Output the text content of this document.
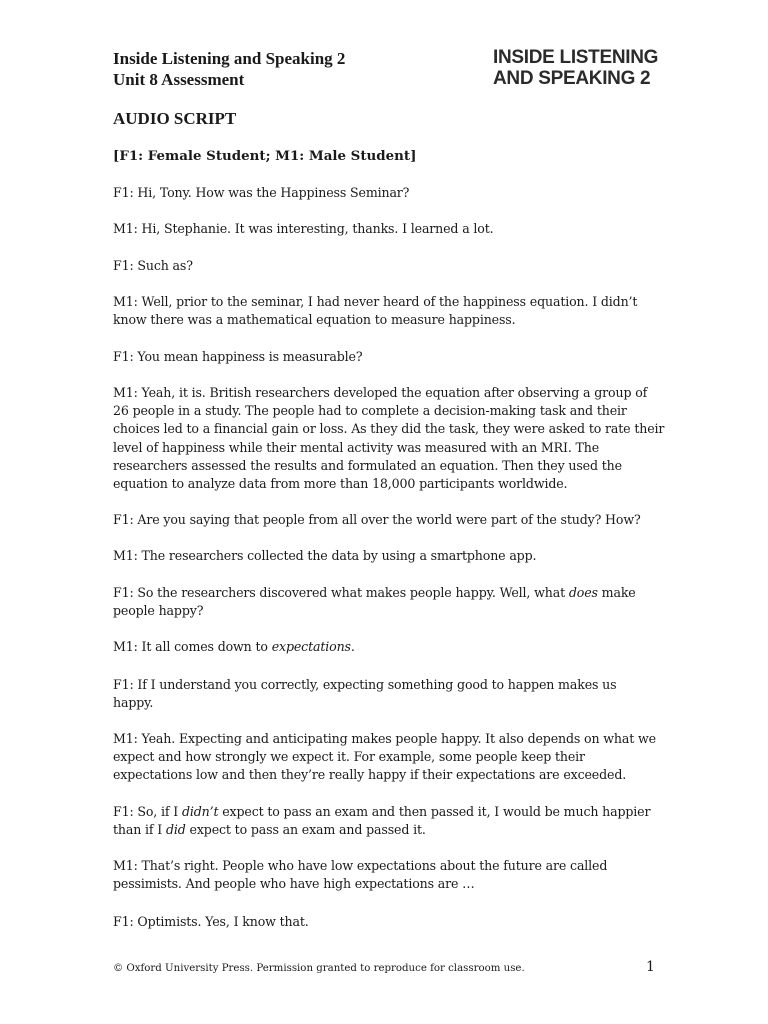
Inside Listening and Speaking 2
Unit 8 Assessment
INSIDE LISTENING
AND SPEAKING 2
AUDIO SCRIPT
[F1: Female Student; M1: Male Student]
F1: Hi, Tony. How was the Happiness Seminar?
M1: Hi, Stephanie. It was interesting, thanks. I learned a lot.
F1: Such as?
M1: Well, prior to the seminar, I had never heard of the happiness equation. I didn’t
know there was a mathematical equation to measure happiness.
F1: You mean happiness is measurable?
M1: Yeah, it is. British researchers developed the equation after observing a group of
26 people in a study. The people had to complete a decision-making task and their
choices led to a financial gain or loss. As they did the task, they were asked to rate their
level of happiness while their mental activity was measured with an MRI. The
researchers assessed the results and formulated an equation. Then they used the
equation to analyze data from more than 18,000 participants worldwide.
F1: Are you saying that people from all over the world were part of the study? How?
M1: The researchers collected the data by using a smartphone app.
F1: So the researchers discovered what makes people happy. Well, what does make
people happy?
M1: It all comes down to expectations.
F1: If I understand you correctly, expecting something good to happen makes us
happy.
M1: Yeah. Expecting and anticipating makes people happy. It also depends on what we
expect and how strongly we expect it. For example, some people keep their
expectations low and then they’re really happy if their expectations are exceeded.
F1: So, if I didn’t expect to pass an exam and then passed it, I would be much happier
than if I did expect to pass an exam and passed it.
M1: That’s right. People who have low expectations about the future are called
pessimists. And people who have high expectations are …
F1: Optimists. Yes, I know that.
© Oxford University Press. Permission granted to reproduce for classroom use.	1
